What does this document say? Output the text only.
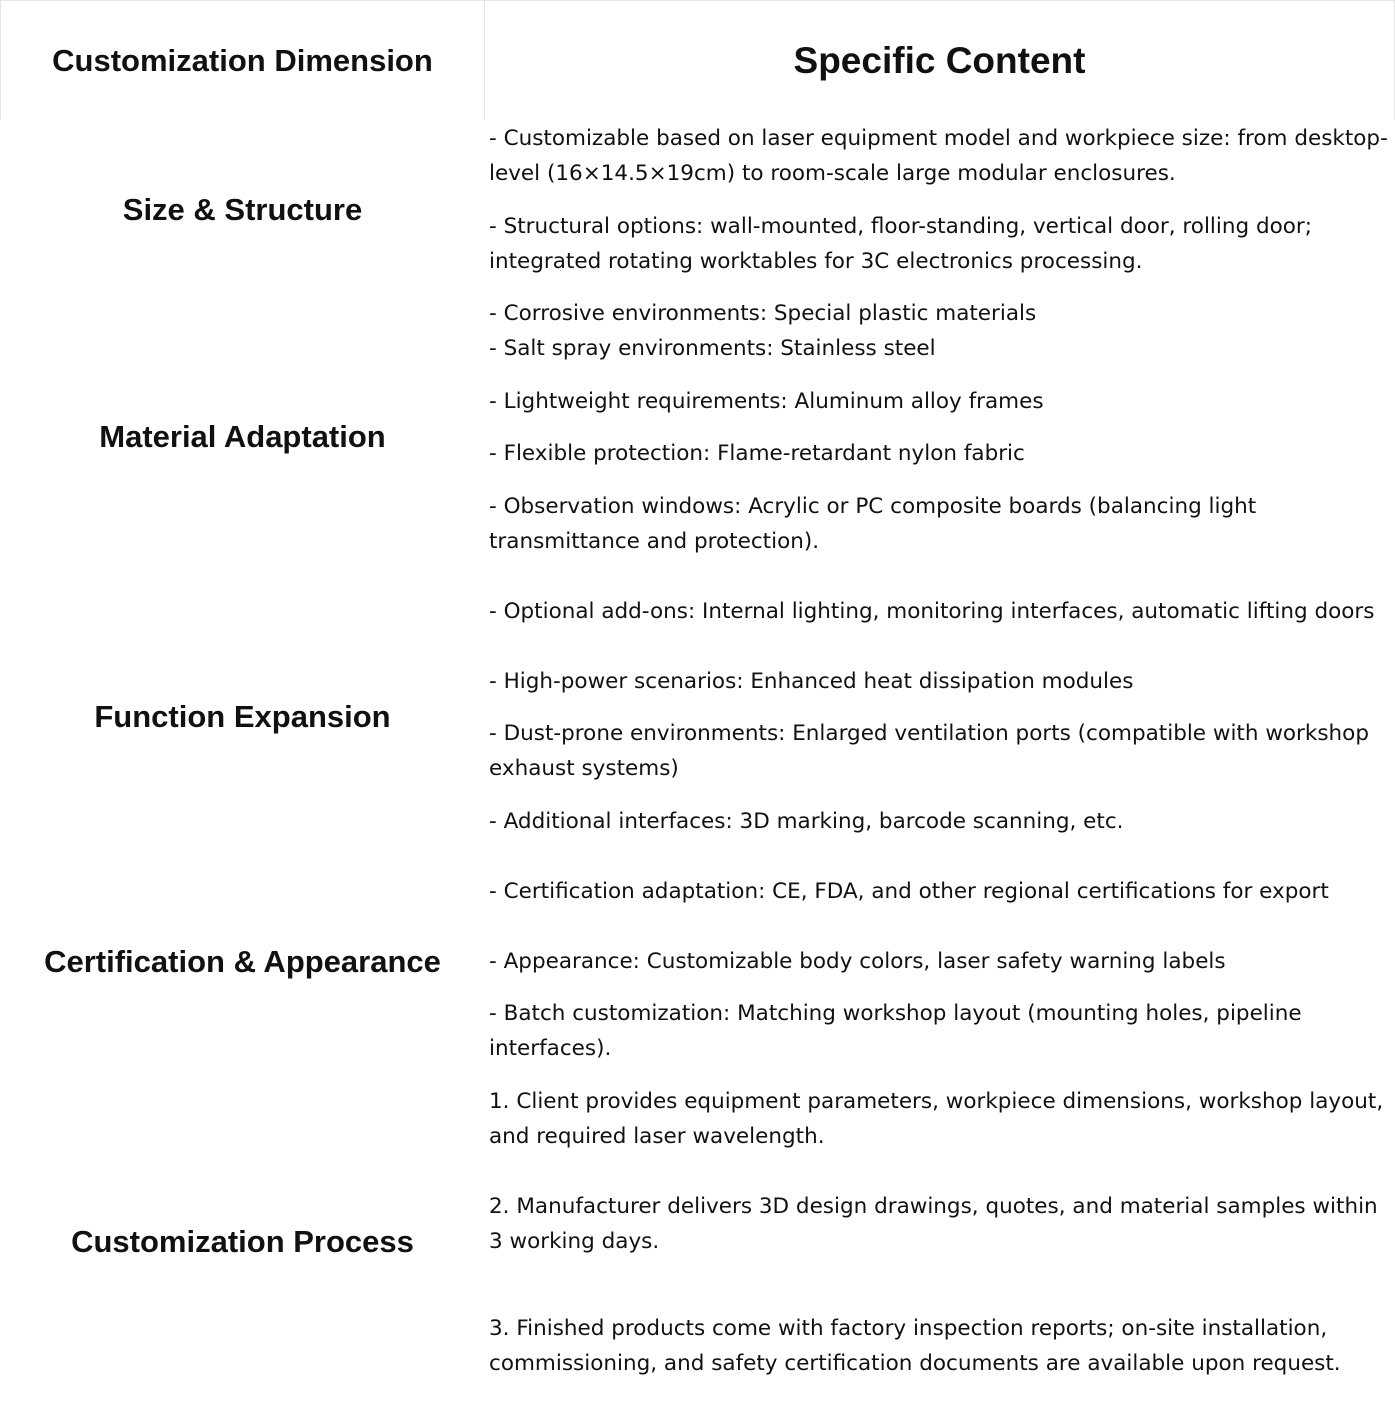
Customization Dimension	Specific Content
Size & Structure
- Customizable based on laser equipment model and workpiece size: from desktop-level (16×14.5×19cm) to room-scale large modular enclosures.
- Structural options: wall-mounted, floor-standing, vertical door, rolling door; integrated rotating worktables for 3C electronics processing.
Material Adaptation
- Corrosive environments: Special plastic materials
- Salt spray environments: Stainless steel
- Lightweight requirements: Aluminum alloy frames
- Flexible protection: Flame-retardant nylon fabric
- Observation windows: Acrylic or PC composite boards (balancing light transmittance and protection).
Function Expansion
- Optional add-ons: Internal lighting, monitoring interfaces, automatic lifting doors
- High-power scenarios: Enhanced heat dissipation modules
- Dust-prone environments: Enlarged ventilation ports (compatible with workshop exhaust systems)
- Additional interfaces: 3D marking, barcode scanning, etc.
Certification & Appearance
- Certification adaptation: CE, FDA, and other regional certifications for export
- Appearance: Customizable body colors, laser safety warning labels
- Batch customization: Matching workshop layout (mounting holes, pipeline interfaces).
Customization Process
1. Client provides equipment parameters, workpiece dimensions, workshop layout, and required laser wavelength.
2. Manufacturer delivers 3D design drawings, quotes, and material samples within 3 working days.
3. Finished products come with factory inspection reports; on-site installation, commissioning, and safety certification documents are available upon request.
